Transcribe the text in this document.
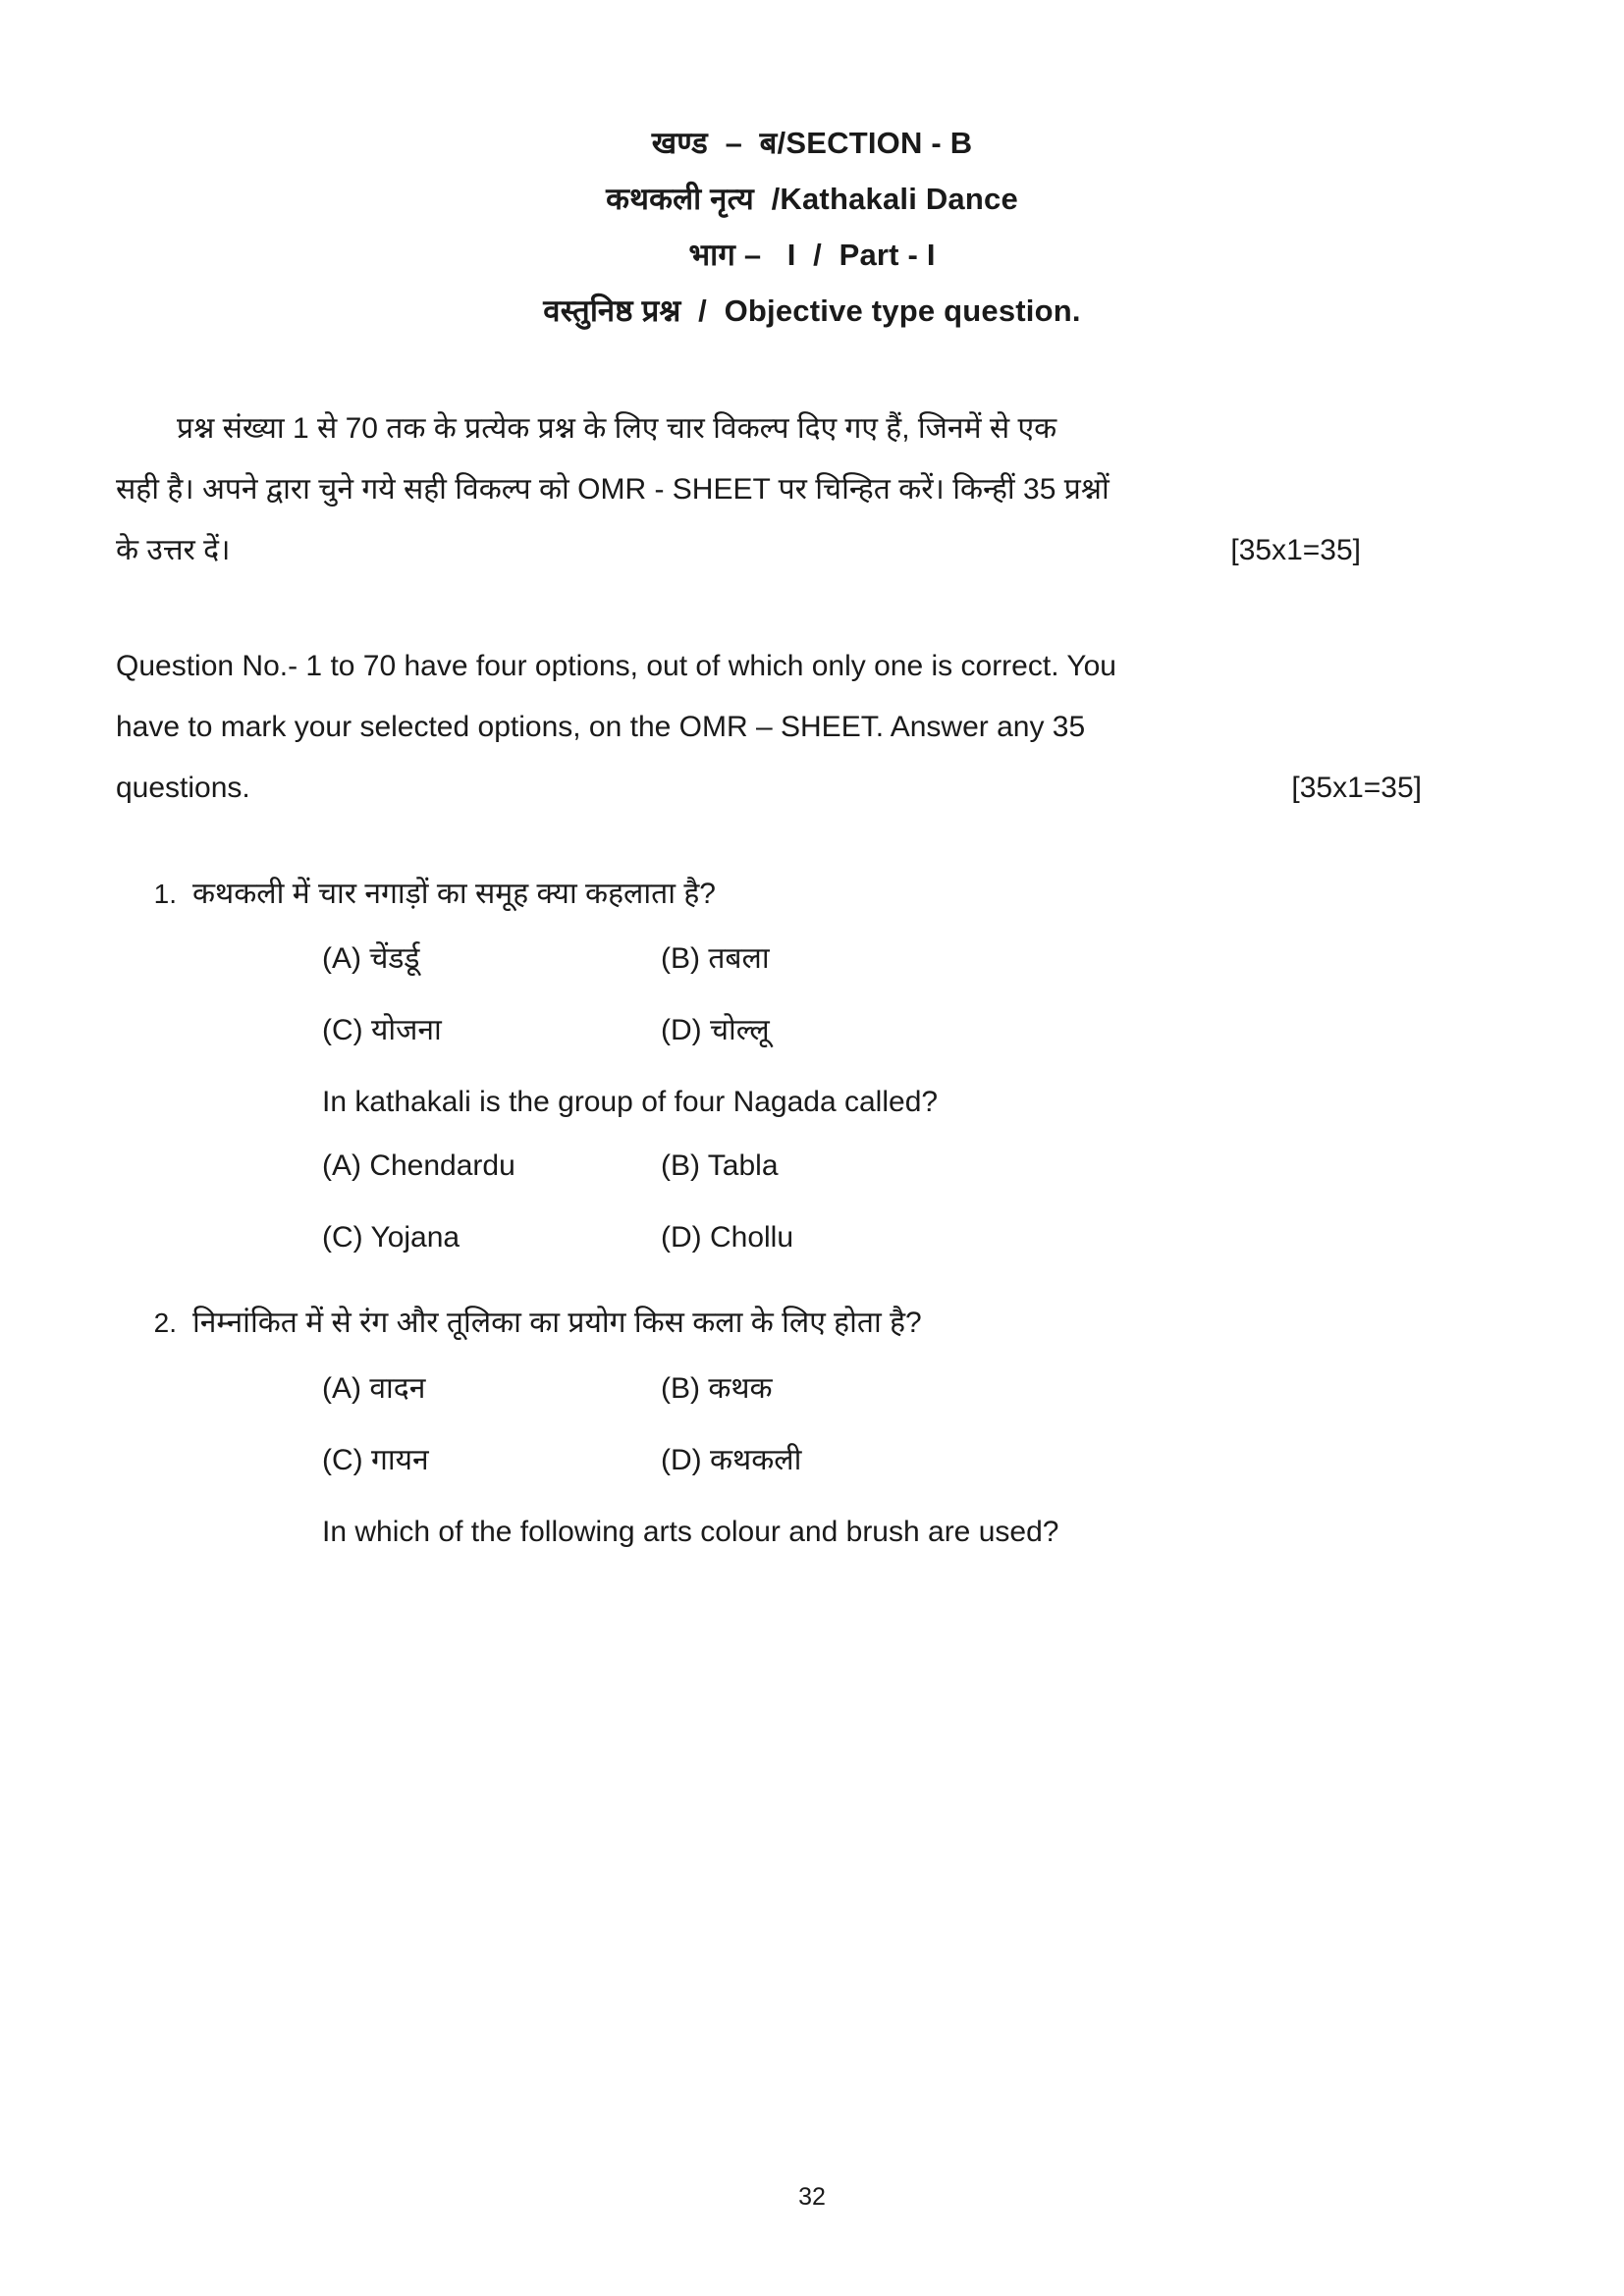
खण्ड  –  ब/SECTION - B
कथकली नृत्य  /Kathakali Dance
भाग –   I  /  Part - I
वस्तुनिष्ठ प्रश्न  /  Objective type question.
प्रश्न संख्या 1 से 70 तक के प्रत्येक प्रश्न के लिए चार विकल्प दिए गए हैं, जिनमें से एक
सही है। अपने द्वारा चुने गये सही विकल्प को OMR - SHEET पर चिन्हित करें। किन्हीं 35 प्रश्नों
के उत्तर दें।	[35x1=35]
Question No.- 1 to 70 have four options, out of which only one is correct. You
have to mark your selected options, on the OMR – SHEET. Answer any 35
questions.	[35x1=35]
1. कथकली में चार नगाड़ों का समूह क्या कहलाता है?
(A) चेंडर्डू	(B) तबला
(C) योजना	(D) चोल्लू
In kathakali is the group of four Nagada called?
(A) Chendardu	(B) Tabla
(C) Yojana	(D) Chollu
2. निम्नांकित में से रंग और तूलिका का प्रयोग किस कला के लिए होता है?
(A) वादन	(B) कथक
(C) गायन	(D) कथकली
In which of the following arts colour and brush are used?
32
